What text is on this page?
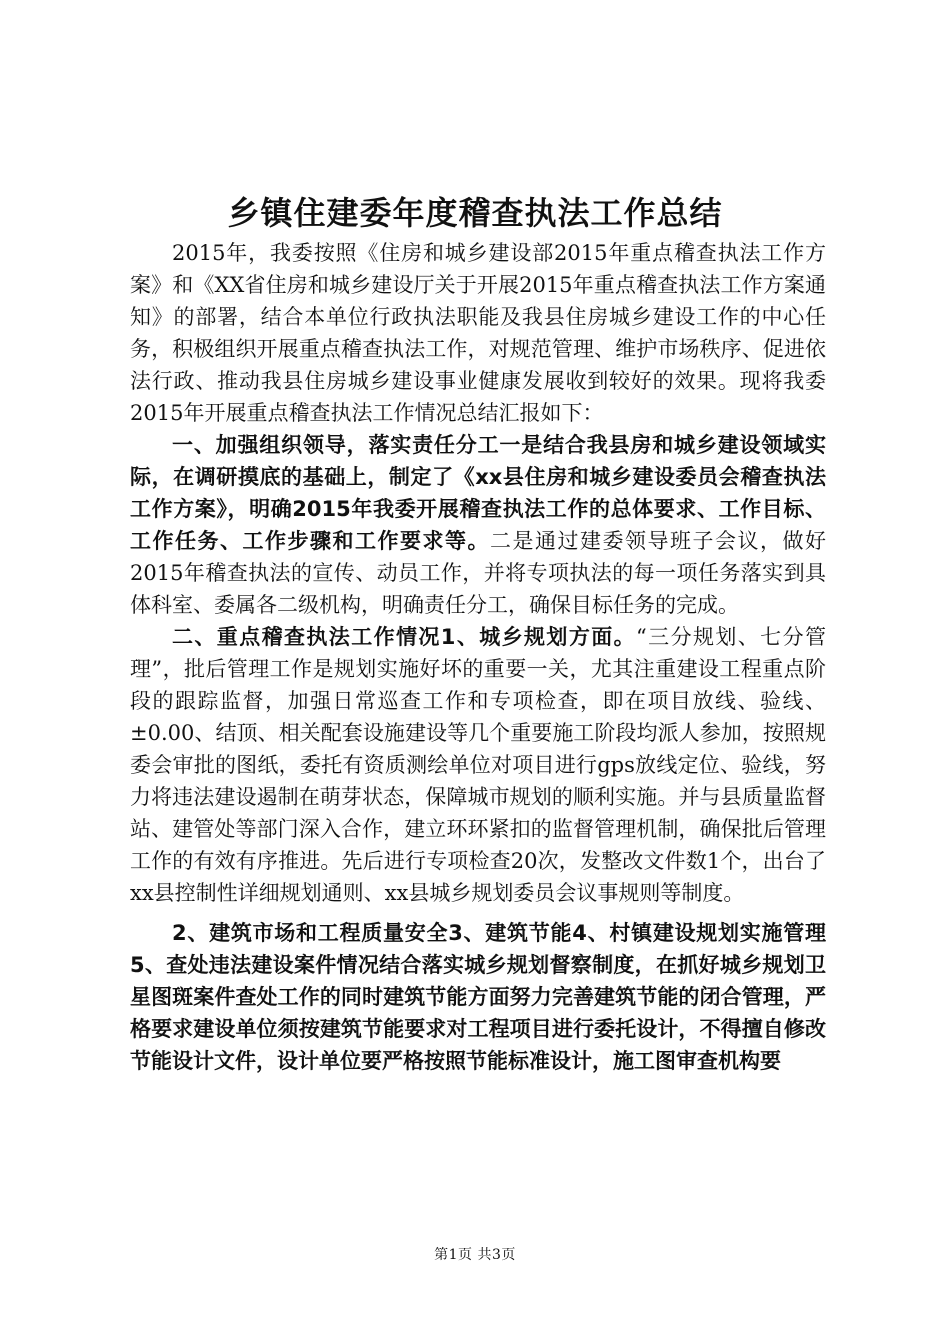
乡镇住建委年度稽查执法工作总结

2015年，我委按照《住房和城乡建设部2015年重点稽查执法工作方案》和《XX省住房和城乡建设厅关于开展2015年重点稽查执法工作方案通知》的部署，结合本单位行政执法职能及我县住房城乡建设工作的中心任务，积极组织开展重点稽查执法工作，对规范管理、维护市场秩序、促进依法行政、推动我县住房城乡建设事业健康发展收到较好的效果。现将我委2015年开展重点稽查执法工作情况总结汇报如下：

一、加强组织领导，落实责任分工一是结合我县房和城乡建设领域实际，在调研摸底的基础上，制定了《xx县住房和城乡建设委员会稽查执法工作方案》，明确2015年我委开展稽查执法工作的总体要求、工作目标、工作任务、工作步骤和工作要求等。二是通过建委领导班子会议，做好2015年稽查执法的宣传、动员工作，并将专项执法的每一项任务落实到具体科室、委属各二级机构，明确责任分工，确保目标任务的完成。

二、重点稽查执法工作情况1、城乡规划方面。“三分规划、七分管理”，批后管理工作是规划实施好坏的重要一关，尤其注重建设工程重点阶段的跟踪监督，加强日常巡查工作和专项检查，即在项目放线、验线、±0.00、结顶、相关配套设施建设等几个重要施工阶段均派人参加，按照规委会审批的图纸，委托有资质测绘单位对项目进行gps放线定位、验线，努力将违法建设遏制在萌芽状态，保障城市规划的顺利实施。并与县质量监督站、建管处等部门深入合作，建立环环紧扣的监督管理机制，确保批后管理工作的有效有序推进。先后进行专项检查20次，发整改文件数1个，出台了xx县控制性详细规划通则、xx县城乡规划委员会议事规则等制度。

2、建筑市场和工程质量安全3、建筑节能4、村镇建设规划实施管理5、查处违法建设案件情况结合落实城乡规划督察制度，在抓好城乡规划卫星图斑案件查处工作的同时建筑节能方面努力完善建筑节能的闭合管理，严格要求建设单位须按建筑节能要求对工程项目进行委托设计，不得擅自修改节能设计文件，设计单位要严格按照节能标准设计，施工图审查机构要

第1页 共3页
